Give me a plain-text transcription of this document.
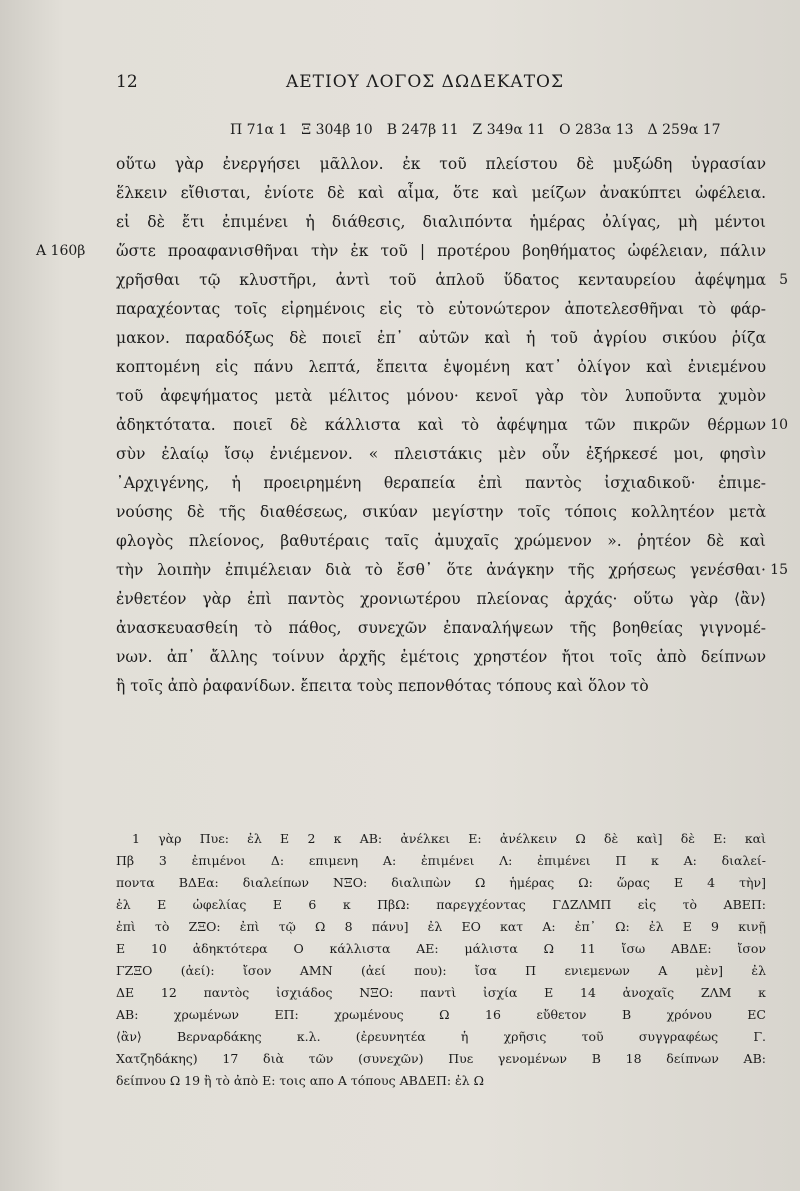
12	ΑΕΤΙΟΥ ΛΟΓΟΣ ΔΩΔΕΚΑΤΟΣ
Π 71α 1 Ξ 304β 10 Β 247β 11 Ζ 349α 11 Ο 283α 13 Δ 259α 17
οὕτω γὰρ ἐνεργήσει μᾶλλον. ἐκ τοῦ πλείστου δὲ μυξώδη ὑγρασίαν
ἕλκειν εἴθισται, ἐνίοτε δὲ καὶ αἷμα, ὅτε καὶ μείζων ἀνακύπτει ὠφέλεια.
εἰ δὲ ἔτι ἐπιμένει ἡ διάθεσις, διαλιπόντα ἡμέρας ὀλίγας, μὴ μέντοι
ὥστε προαφανισθῆναι τὴν ἐκ τοῦ | προτέρου βοηθήματος ὠφέλειαν, πάλιν
A 160β
χρῆσθαι τῷ κλυστῆρι, ἀντὶ τοῦ ἁπλοῦ ὕδατος κενταυρείου ἀφέψημα 5
παραχέοντας τοῖς εἰρημένοις εἰς τὸ εὐτονώτερον ἀποτελεσθῆναι τὸ φάρ-
μακον. παραδόξως δὲ ποιεῖ ἐπ᾽ αὐτῶν καὶ ἡ τοῦ ἀγρίου σικύου ῥίζα
κοπτομένη εἰς πάνυ λεπτά, ἔπειτα ἑψομένη κατ᾽ ὀλίγον καὶ ἐνιεμένου
τοῦ ἀφεψήματος μετὰ μέλιτος μόνου· κενοῖ γὰρ τὸν λυποῦντα χυμὸν
ἀδηκτότατα. ποιεῖ δὲ κάλλιστα καὶ τὸ ἀφέψημα τῶν πικρῶν θέρμων 10
σὺν ἐλαίῳ ἴσῳ ἐνιέμενον. « πλειστάκις μὲν οὖν ἐξήρκεσέ μοι, φησὶν
᾽Αρχιγένης, ἡ προειρημένη θεραπεία ἐπὶ παντὸς ἰσχιαδικοῦ· ἐπιμε-
νούσης δὲ τῆς διαθέσεως, σικύαν μεγίστην τοῖς τόποις κολλητέον μετὰ
φλογὸς πλείονος, βαθυτέραις ταῖς ἀμυχαῖς χρώμενον ». ῥητέον δὲ καὶ
τὴν λοιπὴν ἐπιμέλειαν διὰ τὸ ἔσθ᾽ ὅτε ἀνάγκην τῆς χρήσεως γενέσθαι· 15
ἐνθετέον γὰρ ἐπὶ παντὸς χρονιωτέρου πλείονας ἀρχάς· οὕτω γὰρ ⟨ἂν⟩
ἀνασκευασθείη τὸ πάθος, συνεχῶν ἐπαναλήψεων τῆς βοηθείας γιγνομέ-
νων. ἀπ᾽ ἄλλης τοίνυν ἀρχῆς ἐμέτοις χρηστέον ἤτοι τοῖς ἀπὸ δείπνων
ἢ τοῖς ἀπὸ ῥαφανίδων. ἔπειτα τοὺς πεπονθότας τόπους καὶ ὅλον τὸ
1 γὰρ Πυε: ἐλ Ε 2 κ ΑΒ: ἀνέλκει Ε: ἀνέλκειν Ω δὲ καὶ] δὲ Ε: καὶ
Πβ 3 ἐπιμένοι Δ: επιμενη Α: ἐπιμένει Λ: ἐπιμένει Π κ Α: διαλεί-
ποντα ΒΔΕα: διαλείπων ΝΞΟ: διαλιπὼν Ω ἡμέρας Ω: ὥρας Ε 4 τὴν]
ἐλ Ε ὠφελίας Ε 6 κ ΠβΩ: παρεγχέοντας ΓΔΖΛΜΠ εἰς τὸ ΑΒΕΠ:
ἐπὶ τὸ ΖΞΟ: ἐπὶ τῷ Ω 8 πάνυ] ἐλ ΕΟ κατ Α: ἐπ᾽ Ω: ἐλ Ε 9 κινῇ
Ε 10 ἀδηκτότερα Ο κάλλιστα ΑΕ: μάλιστα Ω 11 ἴσω ΑΒΔΕ: ἴσον
ΓΖΞΟ (ἀεί): ἴσον ΑΜΝ (ἀεί που): ἴσα Π ενιεμενων Α μὲν] ἐλ
ΔΕ 12 παντὸς ἰσχιάδος ΝΞΟ: παντὶ ἰσχία Ε 14 ἀνοχαῖς ΖΛΜ κ
ΑΒ: χρωμένων ΕΠ: χρωμένους Ω 16 εὔθετον Β χρόνου ΕC
⟨ἂν⟩ Βερναρδάκης κ.λ. (ἐρευνητέα ἡ χρῆσις τοῦ συγγραφέως Γ.
Χατζηδάκης) 17 διὰ τῶν (συνεχῶν) Πυε γενομένων Β 18 δείπνων ΑΒ:
δείπνου Ω 19 ἢ τὸ ἀπὸ Ε: τοις απο Α τόπους ΑΒΔΕΠ: ἐλ Ω
